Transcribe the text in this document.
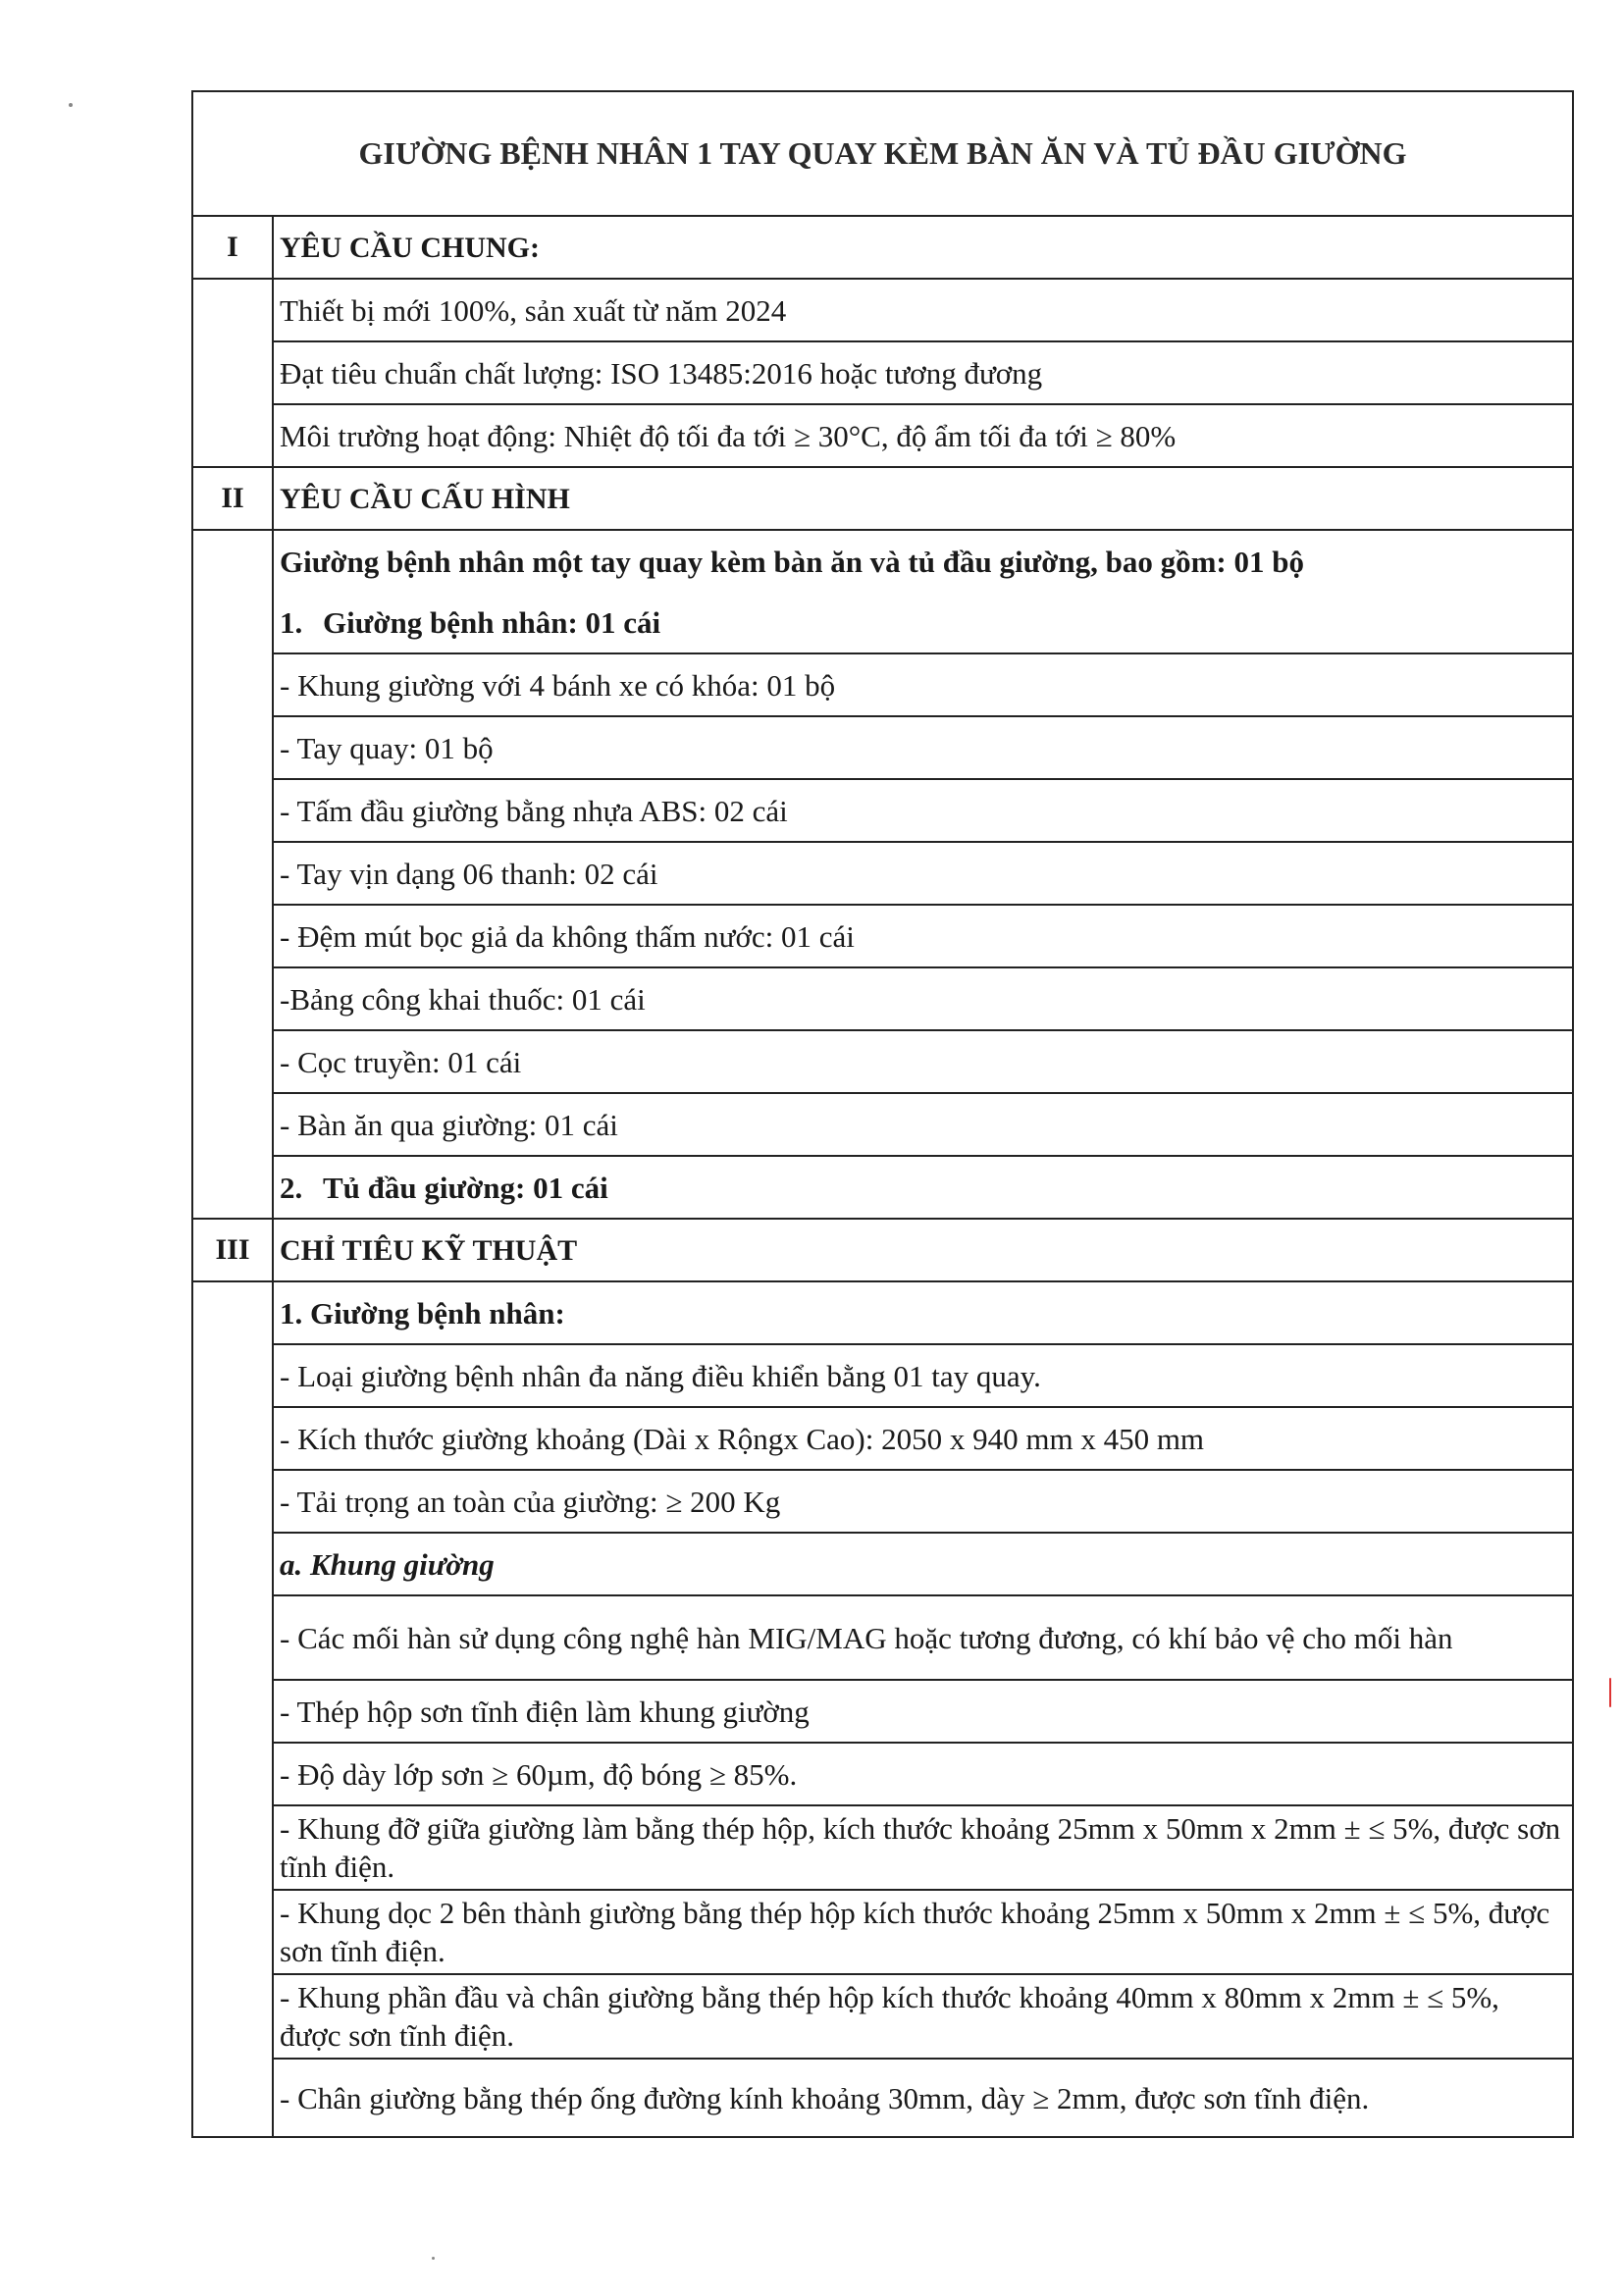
GIƯỜNG BỆNH NHÂN 1 TAY QUAY KÈM BÀN ĂN VÀ TỦ ĐẦU GIƯỜNG
I	YÊU CẦU CHUNG:
Thiết bị mới 100%, sản xuất từ năm 2024
Đạt tiêu chuẩn chất lượng: ISO 13485:2016 hoặc tương đương
Môi trường hoạt động: Nhiệt độ tối đa tới ≥ 30°C, độ ẩm tối đa tới ≥ 80%
II	YÊU CẦU CẤU HÌNH
Giường bệnh nhân một tay quay kèm bàn ăn và tủ đầu giường, bao gồm: 01 bộ
1. Giường bệnh nhân: 01 cái
- Khung giường với 4 bánh xe có khóa: 01 bộ
- Tay quay: 01 bộ
- Tấm đầu giường bằng nhựa ABS: 02 cái
- Tay vịn dạng 06 thanh: 02 cái
- Đệm mút bọc giả da không thấm nước: 01 cái
-Bảng công khai thuốc: 01 cái
- Cọc truyền: 01 cái
- Bàn ăn qua giường: 01 cái
2. Tủ đầu giường: 01 cái
III	CHỈ TIÊU KỸ THUẬT
1. Giường bệnh nhân:
- Loại giường bệnh nhân đa năng điều khiển bằng 01 tay quay.
- Kích thước giường khoảng (Dài x Rộngx Cao): 2050 x 940 mm x 450 mm
- Tải trọng an toàn của giường: ≥ 200 Kg
a. Khung giường
- Các mối hàn sử dụng công nghệ hàn MIG/MAG hoặc tương đương, có khí bảo vệ cho mối hàn
- Thép hộp sơn tĩnh điện làm khung giường
- Độ dày lớp sơn ≥ 60µm, độ bóng ≥ 85%.
- Khung đỡ giữa giường làm bằng thép hộp, kích thước khoảng 25mm x 50mm x 2mm ± ≤ 5%, được sơn tĩnh điện.
- Khung dọc 2 bên thành giường bằng thép hộp kích thước khoảng 25mm x 50mm x 2mm ± ≤ 5%, được sơn tĩnh điện.
- Khung phần đầu và chân giường bằng thép hộp kích thước khoảng 40mm x 80mm x 2mm ± ≤ 5%, được sơn tĩnh điện.
- Chân giường bằng thép ống đường kính khoảng 30mm, dày ≥ 2mm, được sơn tĩnh điện.
